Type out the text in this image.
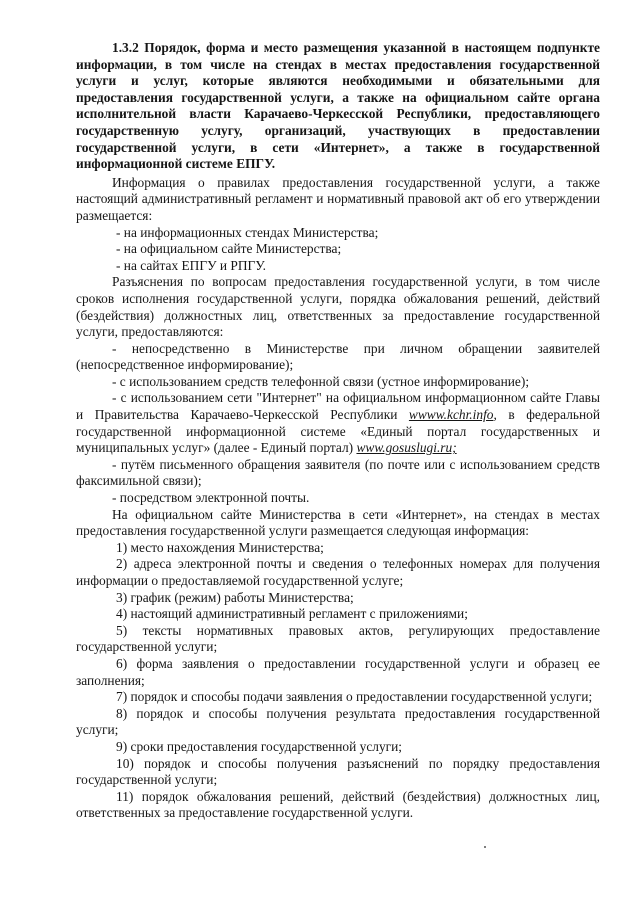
1.3.2 Порядок, форма и место размещения указанной в настоящем подпункте информации, в том числе на стендах в местах предоставления государственной услуги и услуг, которые являются необходимыми и обязательными для предоставления государственной услуги, а также на официальном сайте органа исполнительной власти Карачаево-Черкесской Республики, предоставляющего государственную услугу, организаций, участвующих в предоставлении государственной услуги, в сети «Интернет», а также в государственной информационной системе ЕПГУ.

Информация о правилах предоставления государственной услуги, а также настоящий административный регламент и нормативный правовой акт об его утверждении размещается:

- на информационных стендах Министерства;

- на официальном сайте Министерства;

- на сайтах ЕПГУ и РПГУ.

Разъяснения по вопросам предоставления государственной услуги, в том числе сроков исполнения государственной услуги, порядка обжалования решений, действий (бездействия) должностных лиц, ответственных за предоставление государственной услуги, предоставляются:

- непосредственно в Министерстве при личном обращении заявителей (непосредственное информирование);

- с использованием средств телефонной связи (устное информирование);

- с использованием сети "Интернет" на официальном информационном сайте Главы и Правительства Карачаево-Черкесской Республики wwww.kchr.info, в федеральной государственной информационной системе «Единый портал государственных и муниципальных услуг» (далее - Единый портал) www.gosuslugi.ru;

- путём письменного обращения заявителя (по почте или с использованием средств факсимильной связи);

- посредством электронной почты.

На официальном сайте Министерства в сети «Интернет», на стендах в местах предоставления государственной услуги размещается следующая информация:

1) место нахождения Министерства;

2) адреса электронной почты и сведения о телефонных номерах для получения информации о предоставляемой государственной услуге;

3) график (режим) работы Министерства;

4) настоящий административный регламент с приложениями;

5) тексты нормативных правовых актов, регулирующих предоставление государственной услуги;

6) форма заявления о предоставлении государственной услуги и образец ее заполнения;

7) порядок и способы подачи заявления о предоставлении государственной услуги;

8) порядок и способы получения результата предоставления государственной услуги;

9) сроки предоставления государственной услуги;

10) порядок и способы получения разъяснений по порядку предоставления государственной услуги;

11) порядок обжалования решений, действий (бездействия) должностных лиц, ответственных за предоставление государственной услуги.
